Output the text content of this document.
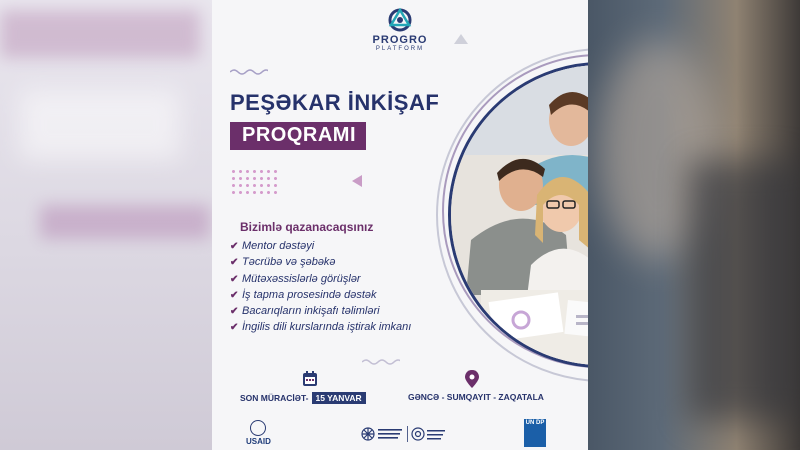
PROGRO
PLATFORM
PEŞƏKAR İNKİŞAF
PROQRAMI
Bizimlə qazanacaqsınız
✔ Mentor dəstəyi
✔ Təcrübə və şəbəkə
✔ Mütəxəssislərlə görüşlər
✔ İş tapma prosesində dəstək
✔ Bacarıqların inkişafı təlimləri
✔ İngilis dili kurslarında iştirak imkanı
SON MÜRACİƏT- 15 YANVAR	GƏNCƏ - SUMQAYIT - ZAQATALA
USAID
UN DP
